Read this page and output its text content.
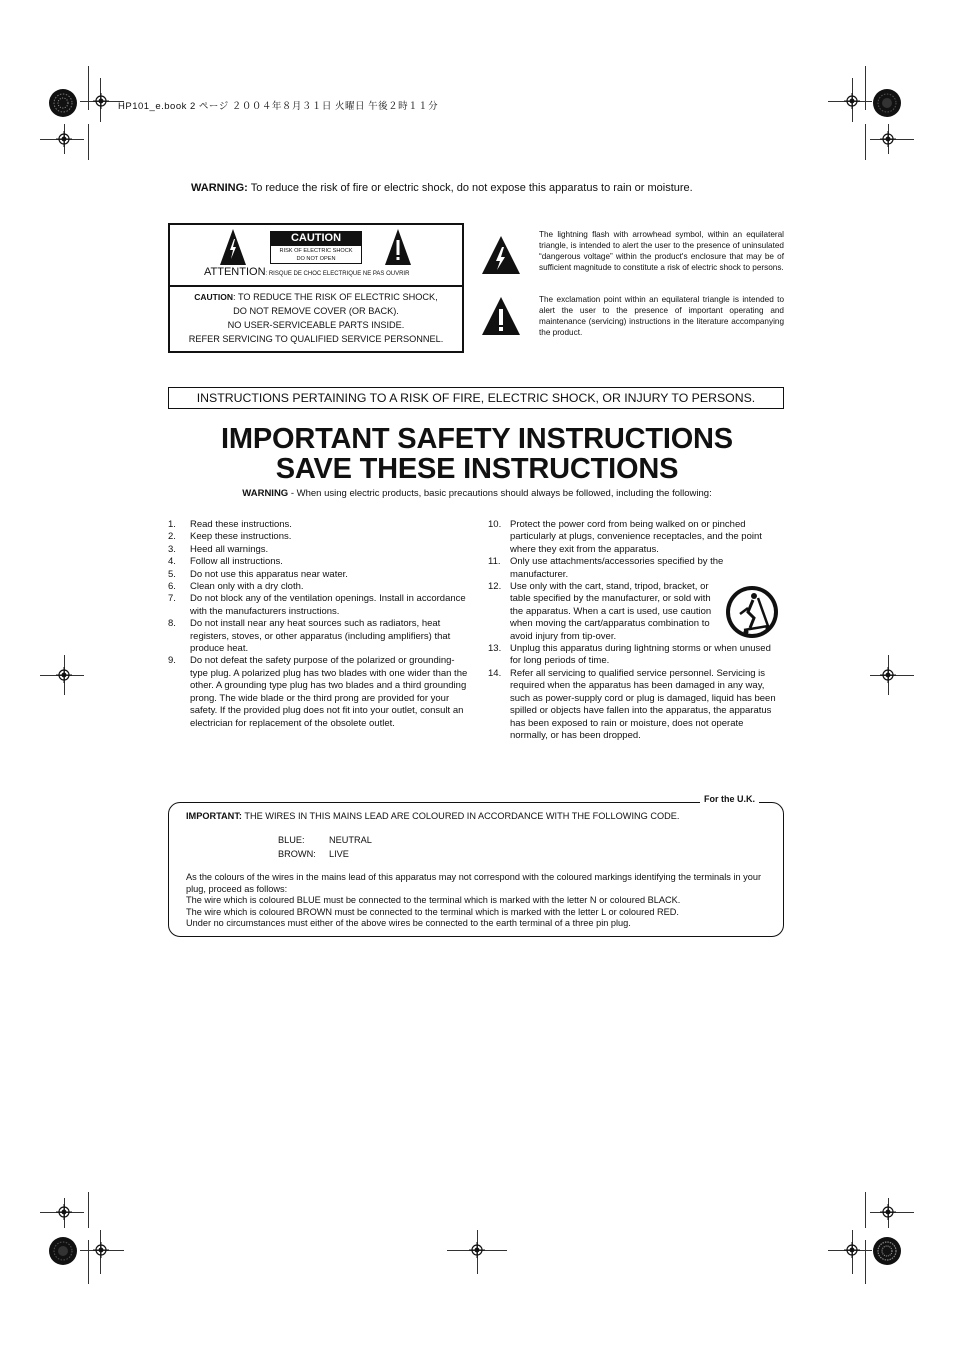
HP101_e.book 2 ページ ２００４年８月３１日 火曜日 午後２時１１分
WARNING: To reduce the risk of fire or electric shock, do not expose this apparatus to rain or moisture.
CAUTION
RISK OF ELECTRIC SHOCK
DO NOT OPEN
ATTENTION: RISQUE DE CHOC ELECTRIQUE NE PAS OUVRIR
CAUTION: TO REDUCE THE RISK OF ELECTRIC SHOCK,
DO NOT REMOVE COVER (OR BACK).
NO USER-SERVICEABLE PARTS INSIDE.
REFER SERVICING TO QUALIFIED SERVICE PERSONNEL.
The lightning flash with arrowhead symbol, within an equilateral triangle, is intended to alert the user to the presence of uninsulated “dangerous voltage” within the product's enclosure that may be of sufficient magnitude to constitute a risk of electric shock to persons.
The exclamation point within an equilateral triangle is intended to alert the user to the presence of important operating and maintenance (servicing) instructions in the literature accompanying the product.
INSTRUCTIONS PERTAINING TO A RISK OF FIRE, ELECTRIC SHOCK, OR INJURY TO PERSONS.
IMPORTANT SAFETY INSTRUCTIONS
SAVE THESE INSTRUCTIONS
WARNING - When using electric products, basic precautions should always be followed, including the following:
1. Read these instructions.
2. Keep these instructions.
3. Heed all warnings.
4. Follow all instructions.
5. Do not use this apparatus near water.
6. Clean only with a dry cloth.
7. Do not block any of the ventilation openings. Install in accordance with the manufacturers instructions.
8. Do not install near any heat sources such as radiators, heat registers, stoves, or other apparatus (including amplifiers) that produce heat.
9. Do not defeat the safety purpose of the polarized or grounding-type plug. A polarized plug has two blades with one wider than the other. A grounding type plug has two blades and a third grounding prong. The wide blade or the third prong are provided for your safety. If the provided plug does not fit into your outlet, consult an electrician for replacement of the obsolete outlet.
10. Protect the power cord from being walked on or pinched particularly at plugs, convenience receptacles, and the point where they exit from the apparatus.
11. Only use attachments/accessories specified by the manufacturer.
12. Use only with the cart, stand, tripod, bracket, or table specified by the manufacturer, or sold with the apparatus. When a cart is used, use caution when moving the cart/apparatus combination to avoid injury from tip-over.
13. Unplug this apparatus during lightning storms or when unused for long periods of time.
14. Refer all servicing to qualified service personnel. Servicing is required when the apparatus has been damaged in any way, such as power-supply cord or plug is damaged, liquid has been spilled or objects have fallen into the apparatus, the apparatus has been exposed to rain or moisture, does not operate normally, or has been dropped.
For the U.K.
IMPORTANT: THE WIRES IN THIS MAINS LEAD ARE COLOURED IN ACCORDANCE WITH THE FOLLOWING CODE.
BLUE:	NEUTRAL
BROWN: LIVE
As the colours of the wires in the mains lead of this apparatus may not correspond with the coloured markings identifying the terminals in your plug, proceed as follows:
The wire which is coloured BLUE must be connected to the terminal which is marked with the letter N or coloured BLACK.
The wire which is coloured BROWN must be connected to the terminal which is marked with the letter L or coloured RED.
Under no circumstances must either of the above wires be connected to the earth terminal of a three pin plug.
